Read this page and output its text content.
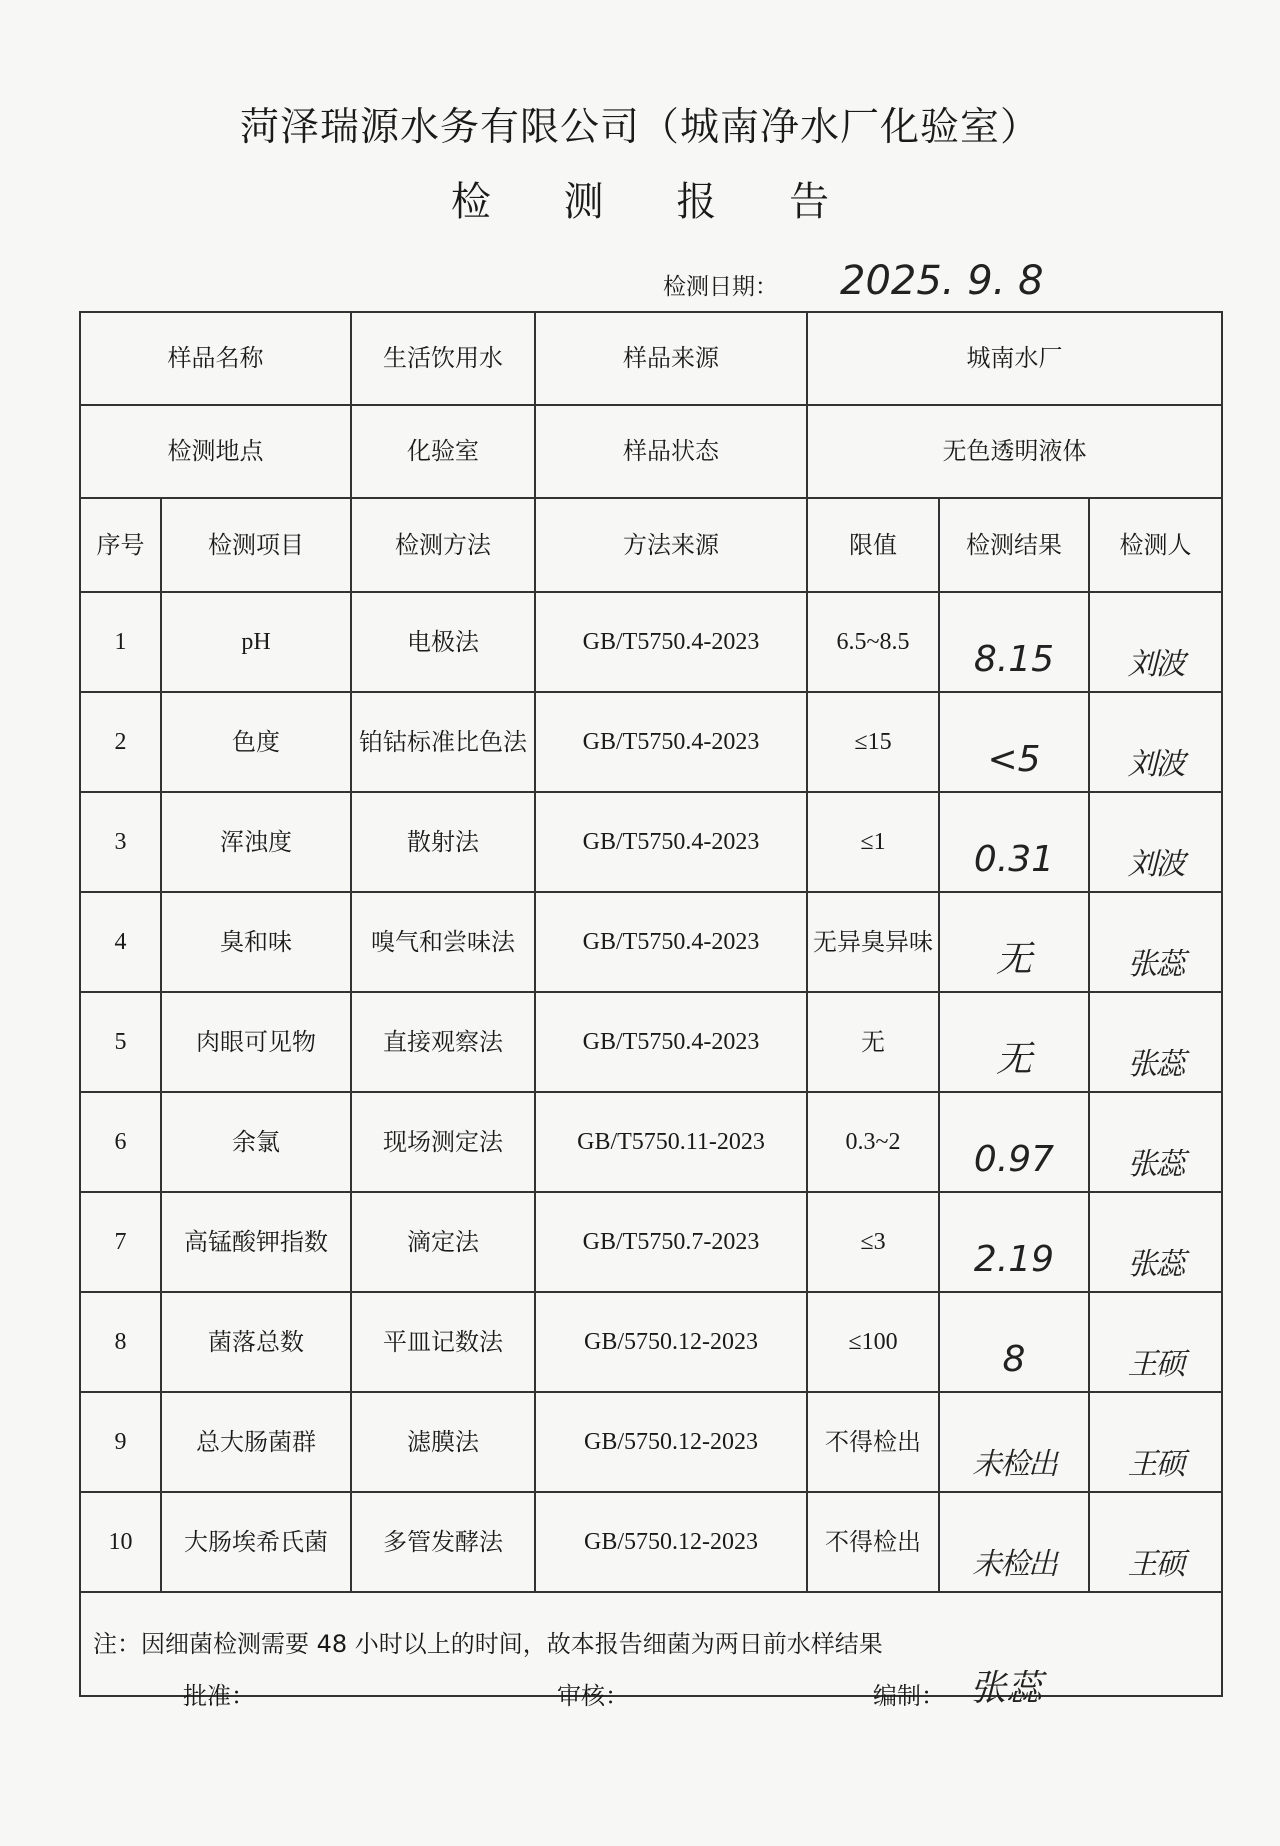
菏泽瑞源水务有限公司（城南净水厂化验室）
检 测 报 告
检测日期： 2025. 9. 8
样品名称		生活饮用水	样品来源	城南水厂		
检测地点		化验室	样品状态	无色透明液体		
序号	检测项目	检测方法	方法来源	限值	检测结果	检测人
1	pH	电极法	GB/T5750.4-2023	6.5~8.5	8.15	刘波
2	色度	铂钴标准比色法	GB/T5750.4-2023	≤15	<5	刘波
3	浑浊度	散射法	GB/T5750.4-2023	≤1	0.31	刘波
4	臭和味	嗅气和尝味法	GB/T5750.4-2023	无异臭异味	无	张蕊
5	肉眼可见物	直接观察法	GB/T5750.4-2023	无	无	张蕊
6	余氯	现场测定法	GB/T5750.11-2023	0.3~2	0.97	张蕊
7	高锰酸钾指数	滴定法	GB/T5750.7-2023	≤3	2.19	张蕊
8	菌落总数	平皿记数法	GB/5750.12-2023	≤100	8	王硕
9	总大肠菌群	滤膜法	GB/5750.12-2023	不得检出	未检出	王硕
10	大肠埃希氏菌	多管发酵法	GB/5750.12-2023	不得检出	未检出	王硕
注：因细菌检测需要 48 小时以上的时间，故本报告细菌为两日前水样结果						
批准：	审核：	编制： 张蕊
